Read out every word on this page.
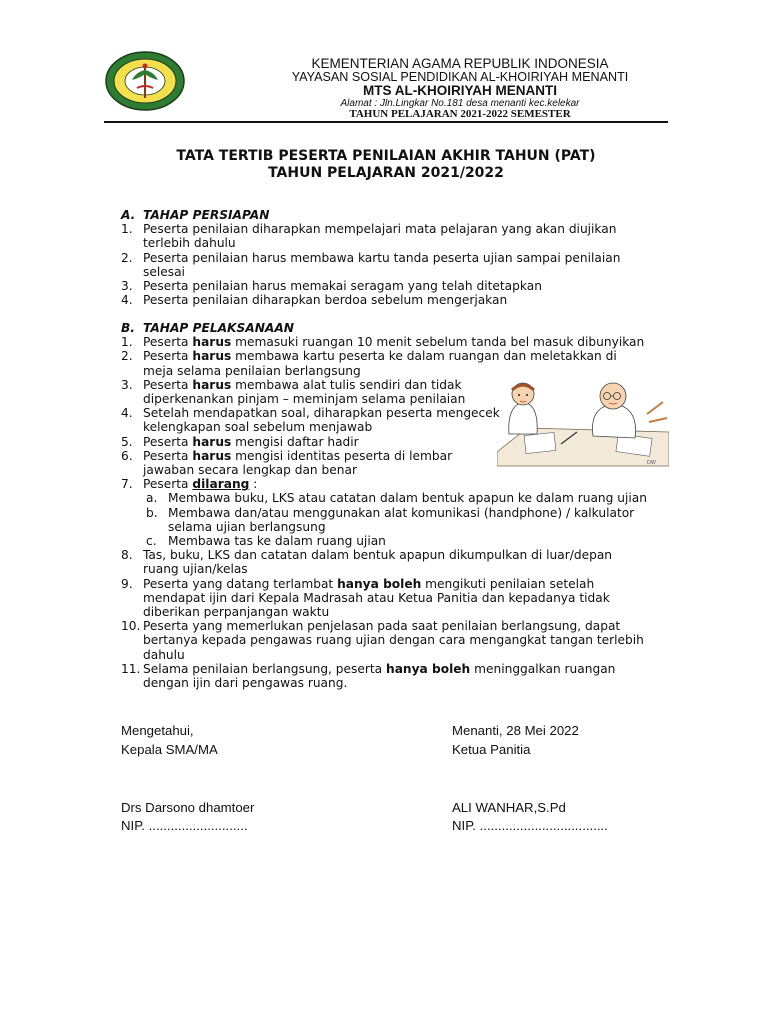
KEMENTERIAN AGAMA REPUBLIK INDONESIA
YAYASAN SOSIAL PENDIDIKAN AL-KHOIRIYAH MENANTI
MTS AL-KHOIRIYAH MENANTI
Alamat : Jln.Lingkar No.181 desa menanti kec.kelekar
TAHUN PELAJARAN 2021-2022 SEMESTER
TATA TERTIB PESERTA PENILAIAN AKHIR TAHUN (PAT)
TAHUN PELAJARAN 2021/2022
A. TAHAP PERSIAPAN
1. Peserta penilaian diharapkan mempelajari mata pelajaran yang akan diujikan
terlebih dahulu
2. Peserta penilaian harus membawa kartu tanda peserta ujian sampai penilaian
selesai
3. Peserta penilaian harus memakai seragam yang telah ditetapkan
4. Peserta penilaian diharapkan berdoa sebelum mengerjakan
B. TAHAP PELAKSANAAN
1. Peserta harus memasuki ruangan 10 menit sebelum tanda bel masuk dibunyikan
2. Peserta harus membawa kartu peserta ke dalam ruangan dan meletakkan di
meja selama penilaian berlangsung
3. Peserta harus membawa alat tulis sendiri dan tidak
diperkenankan pinjam – meminjam selama penilaian
4. Setelah mendapatkan soal, diharapkan peserta mengecek
kelengkapan soal sebelum menjawab
5. Peserta harus mengisi daftar hadir
6. Peserta harus mengisi identitas peserta di lembar
jawaban secara lengkap dan benar
7. Peserta dilarang :
a. Membawa buku, LKS atau catatan dalam bentuk apapun ke dalam ruang ujian
b. Membawa dan/atau menggunakan alat komunikasi (handphone) / kalkulator
selama ujian berlangsung
c. Membawa tas ke dalam ruang ujian
8. Tas, buku, LKS dan catatan dalam bentuk apapun dikumpulkan di luar/depan
ruang ujian/kelas
9. Peserta yang datang terlambat hanya boleh mengikuti penilaian setelah
mendapat ijin dari Kepala Madrasah atau Ketua Panitia dan kepadanya tidak
diberikan perpanjangan waktu
10. Peserta yang memerlukan penjelasan pada saat penilaian berlangsung, dapat
bertanya kepada pengawas ruang ujian dengan cara mengangkat tangan terlebih
dahulu
11. Selama penilaian berlangsung, peserta hanya boleh meninggalkan ruangan
dengan ijin dari pengawas ruang.
DW
Mengetahui,
Kepala SMA/MA
Drs Darsono dhamtoer
NIP. ...........................
Menanti, 28 Mei 2022
Ketua Panitia
ALI WANHAR,S.Pd
NIP. ...................................
